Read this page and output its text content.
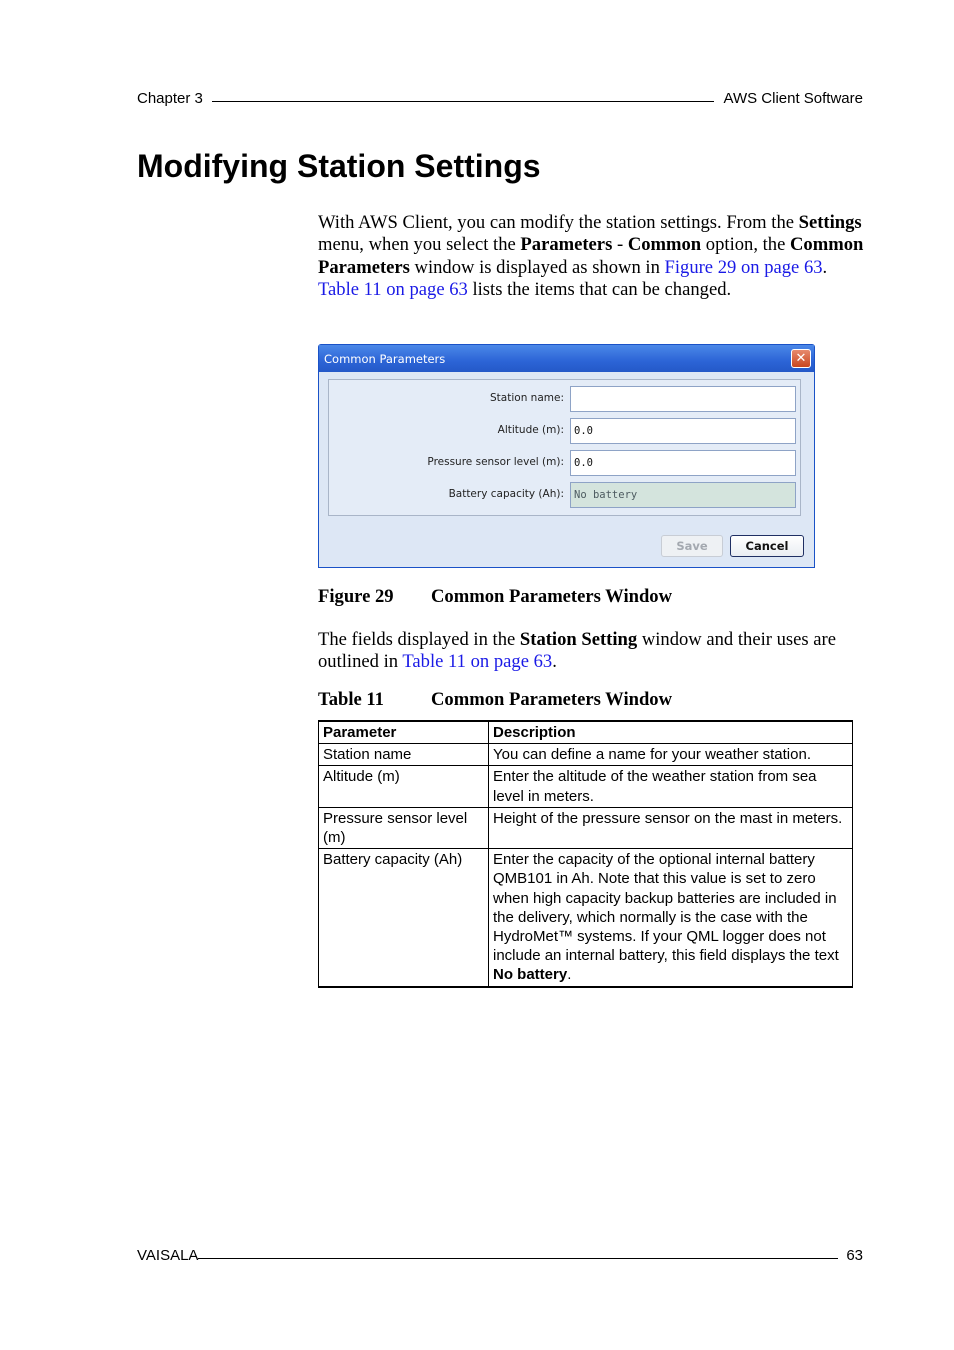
Chapter 3	AWS Client Software
Modifying Station Settings

With AWS Client, you can modify the station settings. From the Settings menu, when you select the Parameters - Common option, the Common Parameters window is displayed as shown in Figure 29 on page 63. Table 11 on page 63 lists the items that can be changed.

Common Parameters	✕
Station name:
Altitude (m): 0.0
Pressure sensor level (m): 0.0
Battery capacity (Ah): No battery
Save	Cancel
Figure 29 Common Parameters Window

The fields displayed in the Station Setting window and their uses are outlined in Table 11 on page 63.

Table 11	Common Parameters Window
Parameter	Description
Station name	You can define a name for your weather station.
Altitude (m)	Enter the altitude of the weather station from sea level in meters.
Pressure sensor level (m)	Height of the pressure sensor on the mast in meters.
Battery capacity (Ah)	Enter the capacity of the optional internal battery QMB101 in Ah. Note that this value is set to zero when high capacity backup batteries are included in the delivery, which normally is the case with the HydroMet™ systems. If your QML logger does not include an internal battery, this field displays the text No battery.
VAISALA	63
